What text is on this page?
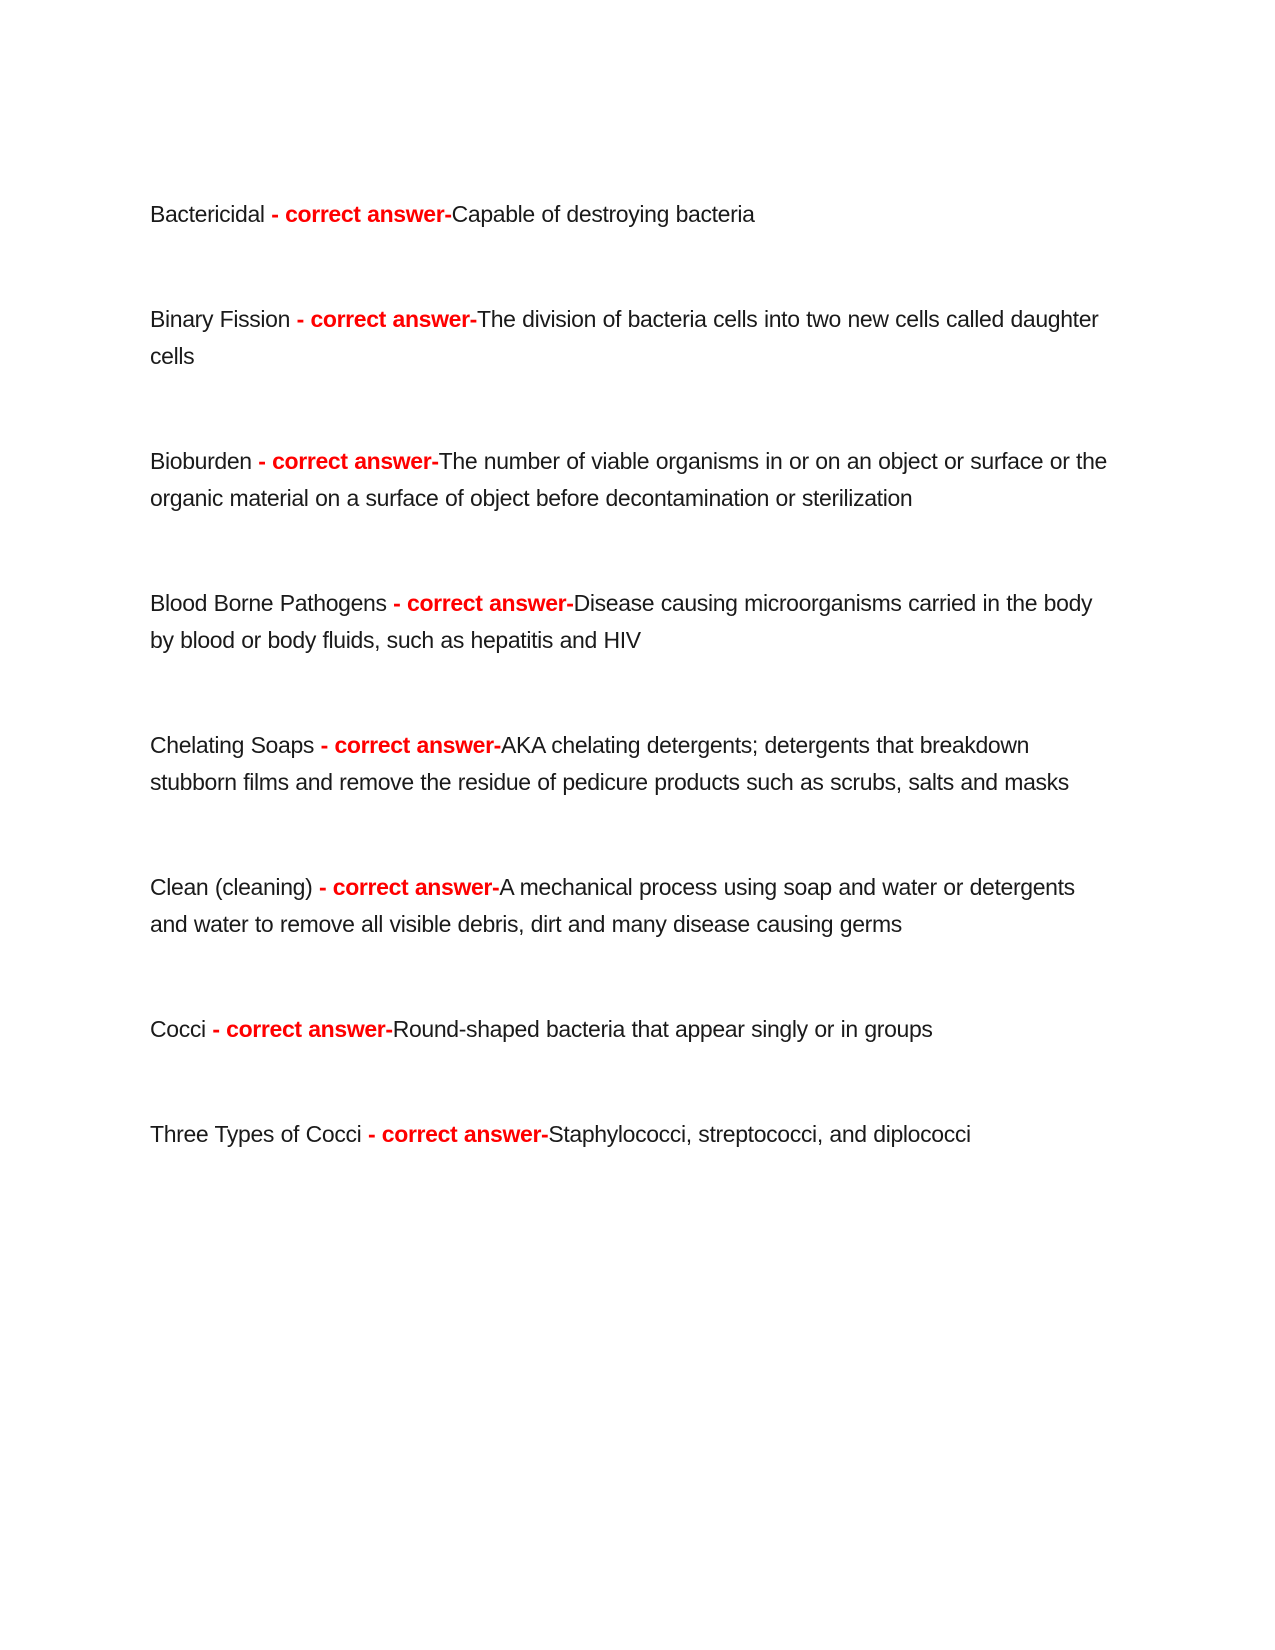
Bactericidal - correct answer-Capable of destroying bacteria

Binary Fission - correct answer-The division of bacteria cells into two new cells called daughter cells

Bioburden - correct answer-The number of viable organisms in or on an object or surface or the organic material on a surface of object before decontamination or sterilization

Blood Borne Pathogens - correct answer-Disease causing microorganisms carried in the body by blood or body fluids, such as hepatitis and HIV

Chelating Soaps - correct answer-AKA chelating detergents; detergents that breakdown stubborn films and remove the residue of pedicure products such as scrubs, salts and masks

Clean (cleaning) - correct answer-A mechanical process using soap and water or detergents and water to remove all visible debris, dirt and many disease causing germs

Cocci - correct answer-Round-shaped bacteria that appear singly or in groups

Three Types of Cocci - correct answer-Staphylococci, streptococci, and diplococci
